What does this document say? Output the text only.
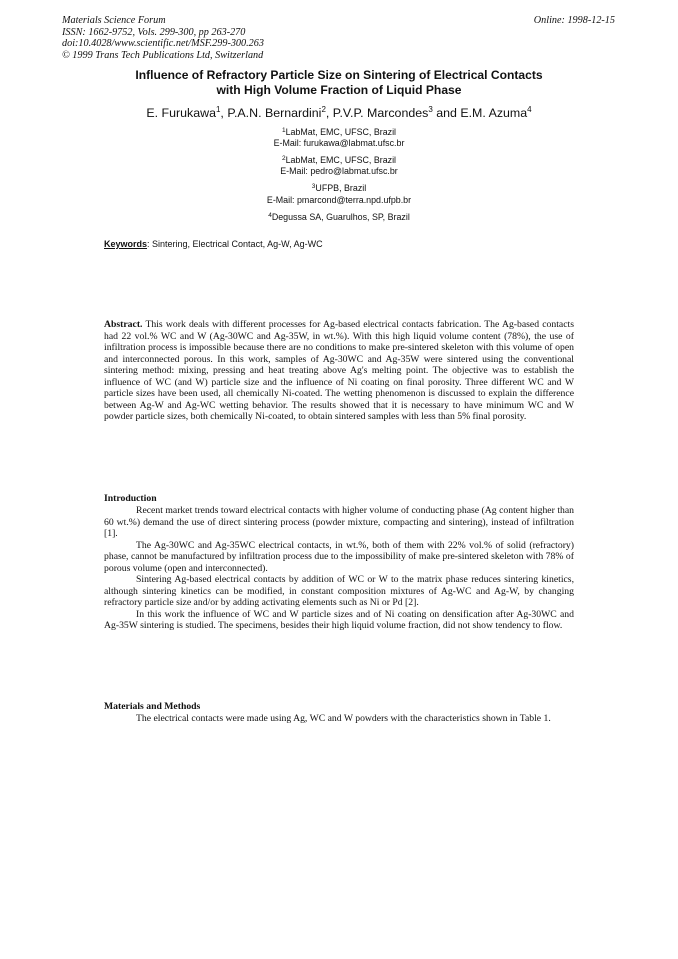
Materials Science Forum
ISSN: 1662-9752, Vols. 299-300, pp 263-270
doi:10.4028/www.scientific.net/MSF.299-300.263
© 1999 Trans Tech Publications Ltd, Switzerland
Online: 1998-12-15
Influence of Refractory Particle Size on Sintering of Electrical Contacts
with High Volume Fraction of Liquid Phase
E. Furukawa$^1$, P.A.N. Bernardini$^2$, P.V.P. Marcondes$^3$ and E.M. Azuma$^4$
$^1$LabMat, EMC, UFSC, Brazil
E-Mail: furukawa@labmat.ufsc.br
$^2$LabMat, EMC, UFSC, Brazil
E-Mail: pedro@labmat.ufsc.br
$^3$UFPB, Brazil
E-Mail: pmarcond@terra.npd.ufpb.br
$^4$Degussa SA, Guarulhos, SP, Brazil
Keywords: Sintering, Electrical Contact, Ag-W, Ag-WC
Abstract. This work deals with different processes for Ag-based electrical contacts fabrication. The Ag-based contacts had 22 vol.% WC and W (Ag-30WC and Ag-35W, in wt.%). With this high liquid volume content (78%), the use of infiltration process is impossible because there are no conditions to make pre-sintered skeleton with this volume of open and interconnected porous. In this work, samples of Ag-30WC and Ag-35W were sintered using the conventional sintering method: mixing, pressing and heat treating above Ag's melting point. The objective was to establish the influence of WC (and W) particle size and the influence of Ni coating on final porosity. Three different WC and W particle sizes have been used, all chemically Ni-coated. The wetting phenomenon is discussed to explain the difference between Ag-W and Ag-WC wetting behavior. The results showed that it is necessary to have minimum WC and W powder particle sizes, both chemically Ni-coated, to obtain sintered samples with less than 5% final porosity.
Introduction

Recent market trends toward electrical contacts with higher volume of conducting phase (Ag content higher than 60 wt.%) demand the use of direct sintering process (powder mixture, compacting and sintering), instead of infiltration [1].

The Ag-30WC and Ag-35WC electrical contacts, in wt.%, both of them with 22% vol.% of solid (refractory) phase, cannot be manufactured by infiltration process due to the impossibility of make pre-sintered skeleton with 78% of porous volume (open and interconnected).

Sintering Ag-based electrical contacts by addition of WC or W to the matrix phase reduces sintering kinetics, although sintering kinetics can be modified, in constant composition mixtures of Ag-WC and Ag-W, by changing refractory particle size and/or by adding activating elements such as Ni or Pd [2].

In this work the influence of WC and W particle sizes and of Ni coating on densification after Ag-30WC and Ag-35W sintering is studied. The specimens, besides their high liquid volume fraction, did not show tendency to flow.

Materials and Methods

The electrical contacts were made using Ag, WC and W powders with the characteristics shown in Table 1.
